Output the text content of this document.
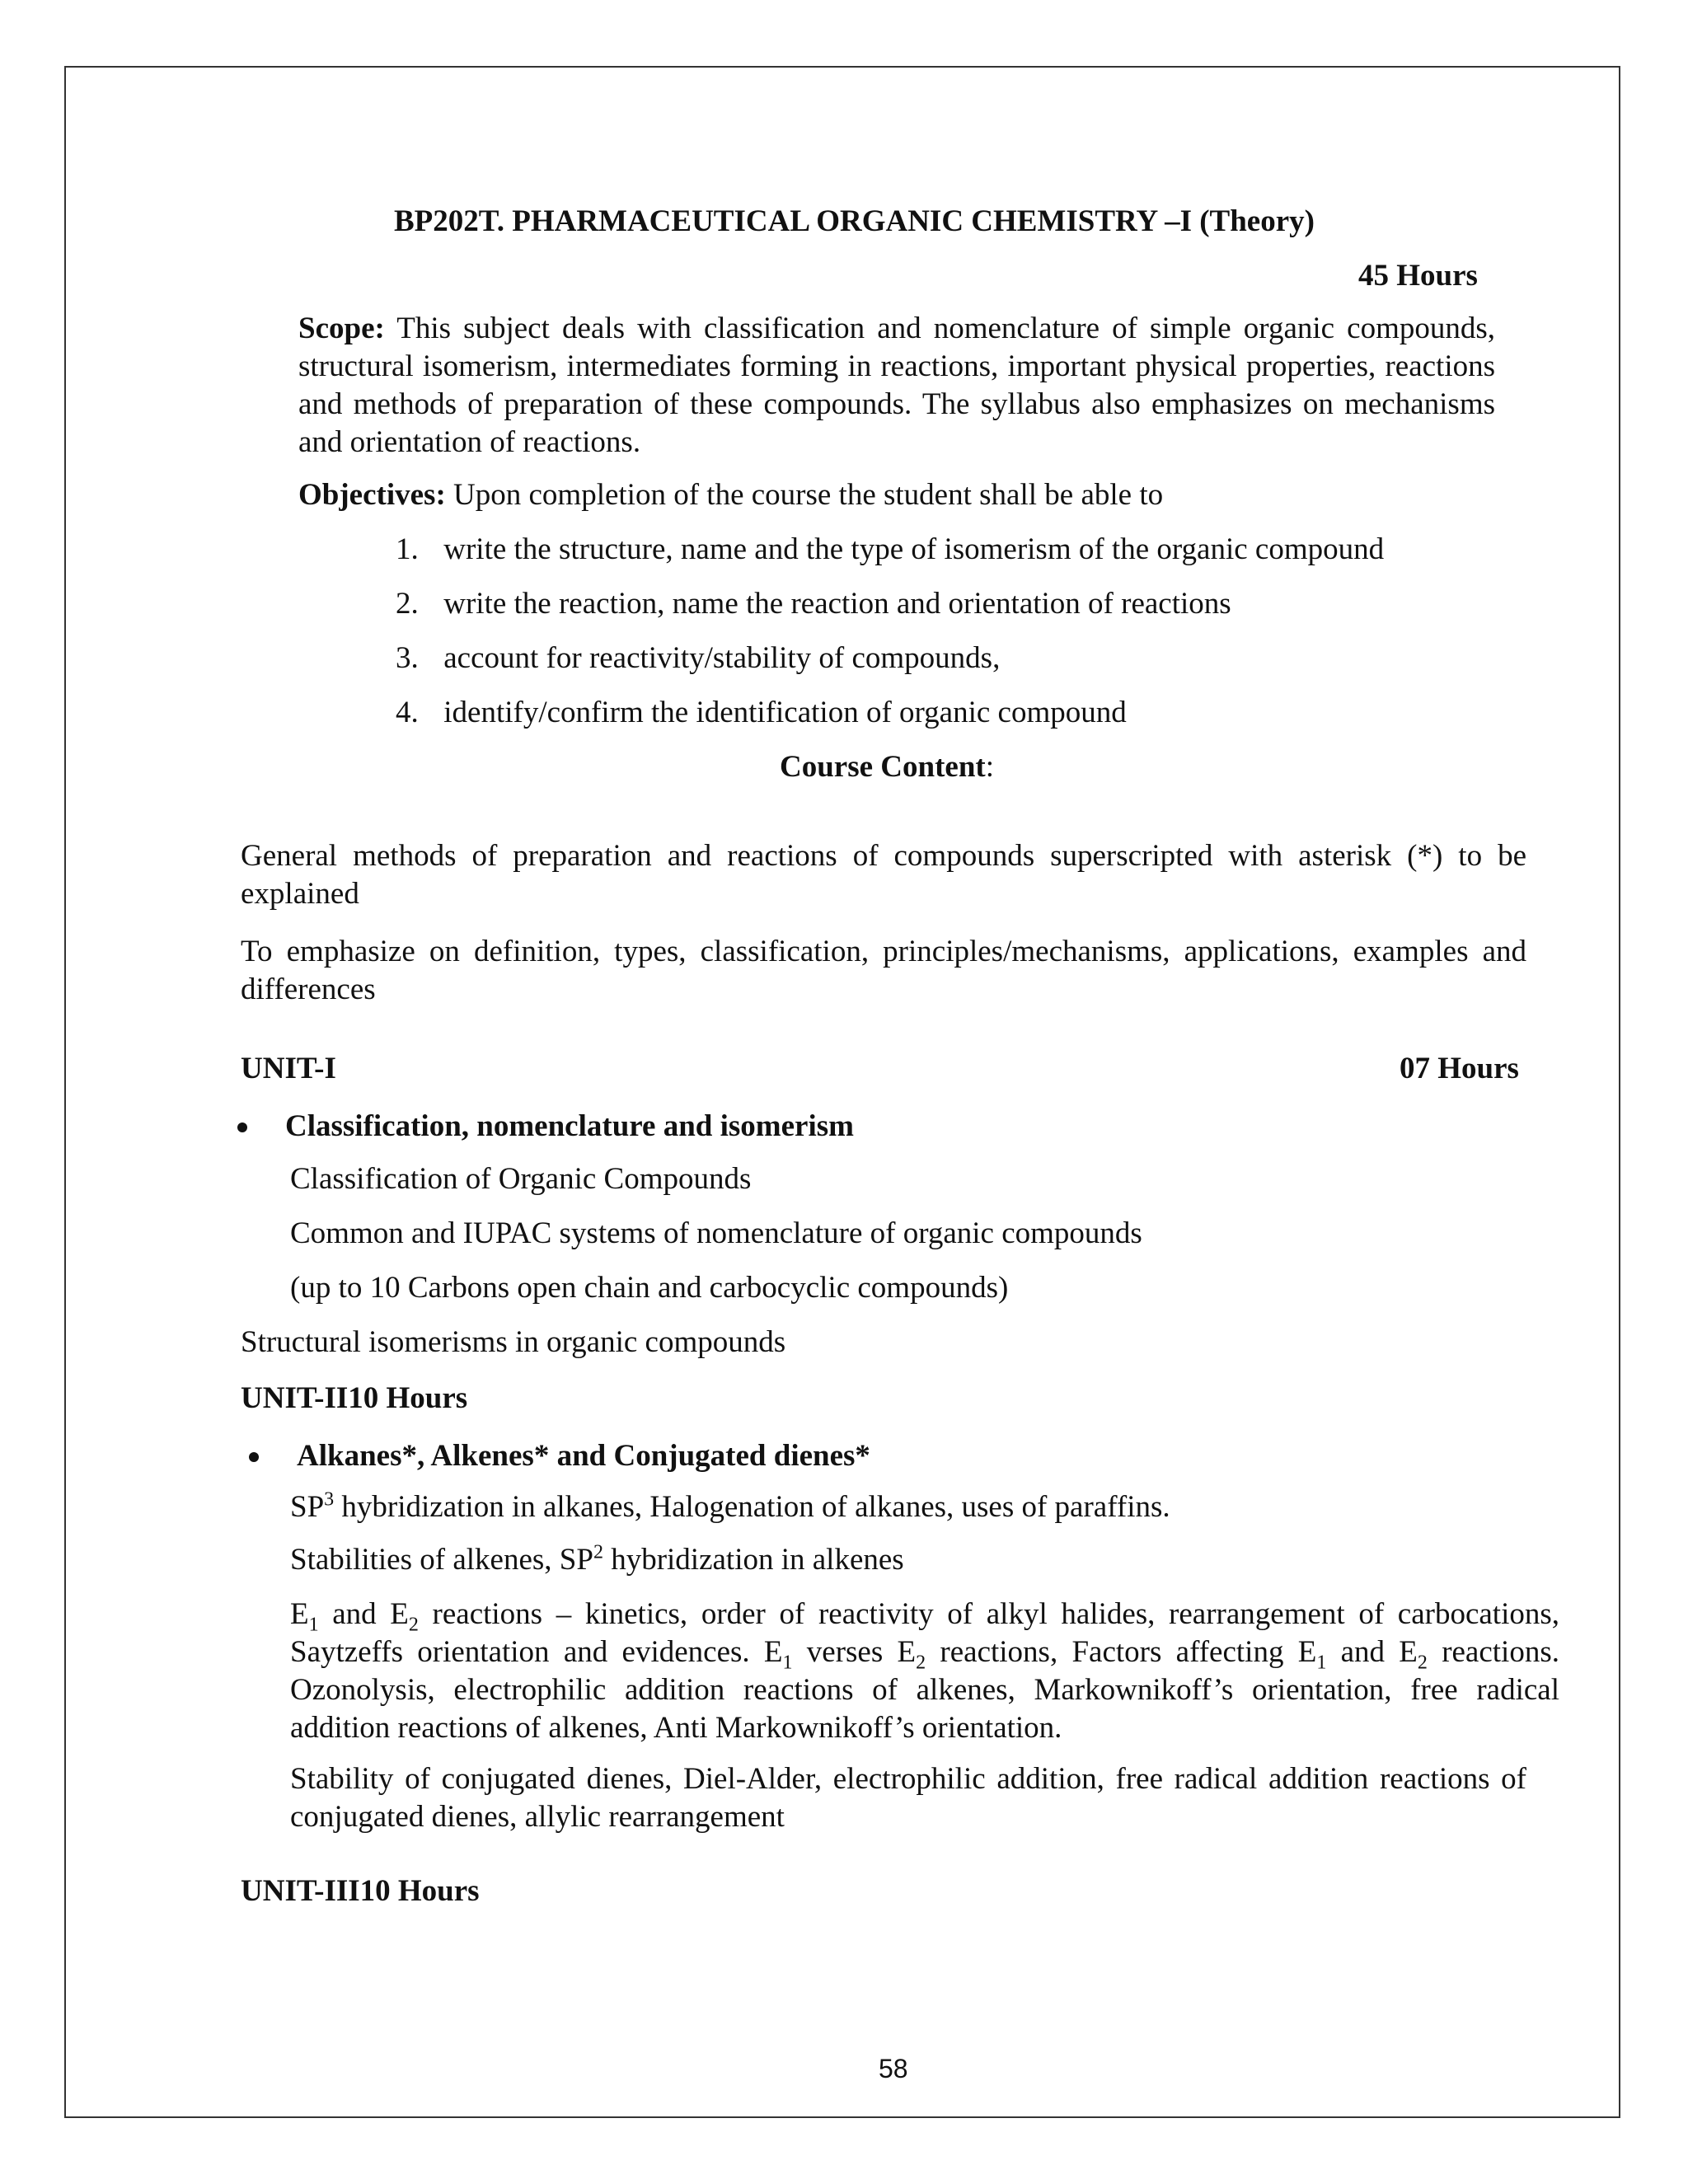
BP202T. PHARMACEUTICAL ORGANIC CHEMISTRY –I (Theory)
45 Hours
Scope: This subject deals with classification and nomenclature of simple organic compounds, structural isomerism, intermediates forming in reactions, important physical properties, reactions and methods of preparation of these compounds. The syllabus also emphasizes on mechanisms and orientation of reactions.
Objectives: Upon completion of the course the student shall be able to
1. write the structure, name and the type of isomerism of the organic compound
2. write the reaction, name the reaction and orientation of reactions
3. account for reactivity/stability of compounds,
4. identify/confirm the identification of organic compound
Course Content:
General methods of preparation and reactions of compounds superscripted with asterisk (*) to be explained
To emphasize on definition, types, classification, principles/mechanisms, applications, examples and differences
UNIT-I	07 Hours
Classification, nomenclature and isomerism
Classification of Organic Compounds
Common and IUPAC systems of nomenclature of organic compounds
(up to 10 Carbons open chain and carbocyclic compounds)
Structural isomerisms in organic compounds
UNIT-II10 Hours
Alkanes*, Alkenes* and Conjugated dienes*
$SP^3$ hybridization in alkanes, Halogenation of alkanes, uses of paraffins.
Stabilities of alkenes, $SP^2$ hybridization in alkenes
$E_1$ and $E_2$ reactions – kinetics, order of reactivity of alkyl halides, rearrangement of carbocations, Saytzeffs orientation and evidences. $E_1$ verses $E_2$ reactions, Factors affecting $E_1$ and $E_2$ reactions. Ozonolysis, electrophilic addition reactions of alkenes, Markownikoff’s orientation, free radical addition reactions of alkenes, Anti Markownikoff’s orientation.
Stability of conjugated dienes, Diel-Alder, electrophilic addition, free radical addition reactions of conjugated dienes, allylic rearrangement
UNIT-III10 Hours
58
